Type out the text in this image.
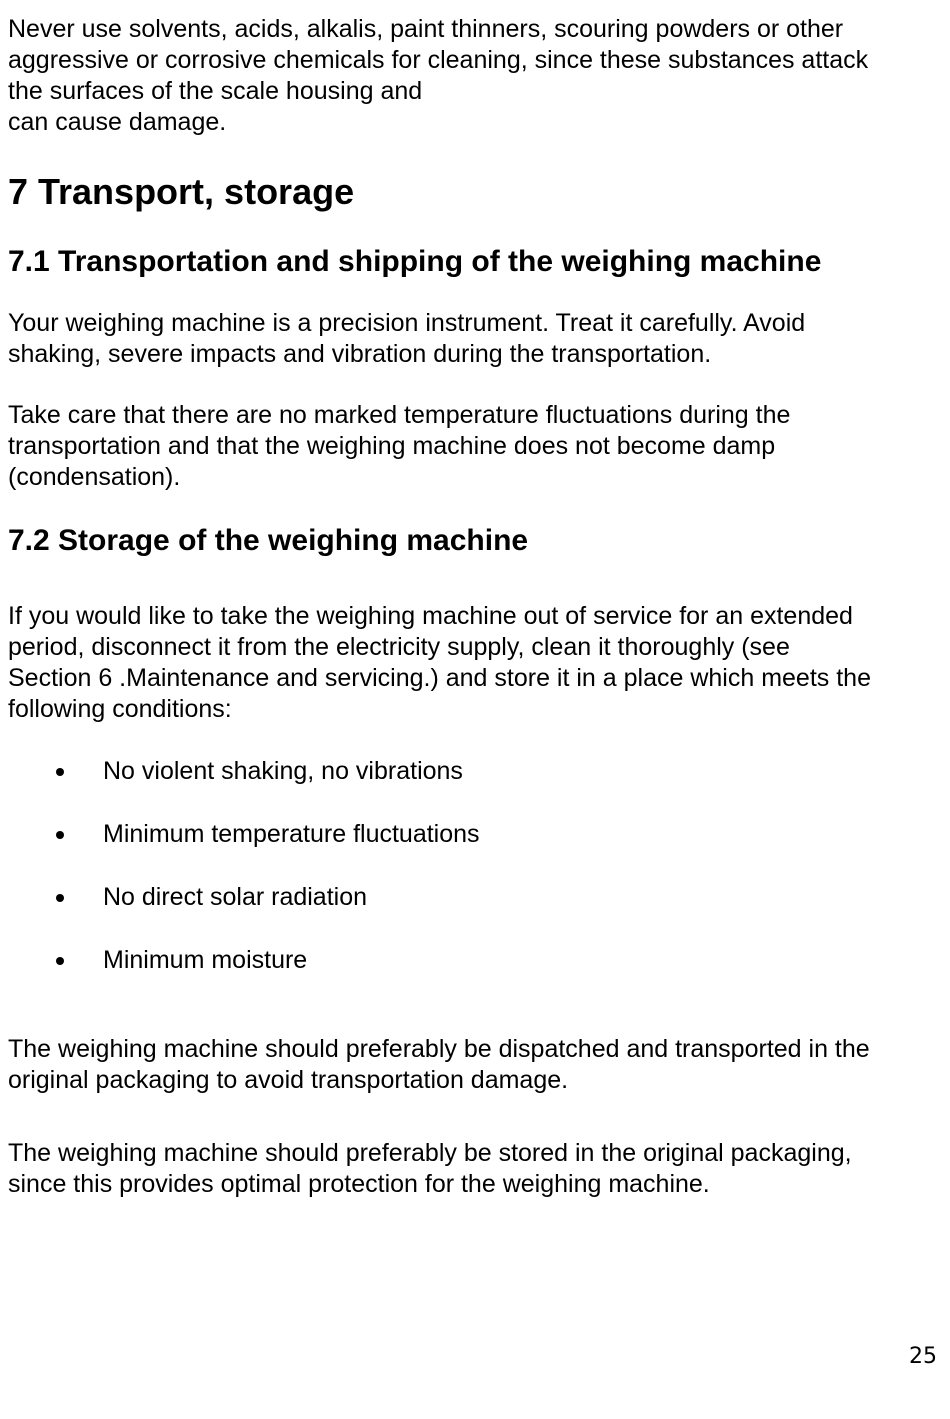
Never use solvents, acids, alkalis, paint thinners, scouring powders or other
aggressive or corrosive chemicals for cleaning, since these substances attack
the surfaces of the scale housing and
can cause damage.

7 Transport, storage
7.1 Transportation and shipping of the weighing machine

Your weighing machine is a precision instrument. Treat it carefully. Avoid
shaking, severe impacts and vibration during the transportation.

Take care that there are no marked temperature fluctuations during the
transportation and that the weighing machine does not become damp
(condensation).

7.2 Storage of the weighing machine

If you would like to take the weighing machine out of service for an extended
period, disconnect it from the electricity supply, clean it thoroughly (see
Section 6 .Maintenance and servicing.) and store it in a place which meets the
following conditions:

No violent shaking, no vibrations
Minimum temperature fluctuations
No direct solar radiation
Minimum moisture

The weighing machine should preferably be dispatched and transported in the
original packaging to avoid transportation damage.

The weighing machine should preferably be stored in the original packaging,
since this provides optimal protection for the weighing machine.

25
